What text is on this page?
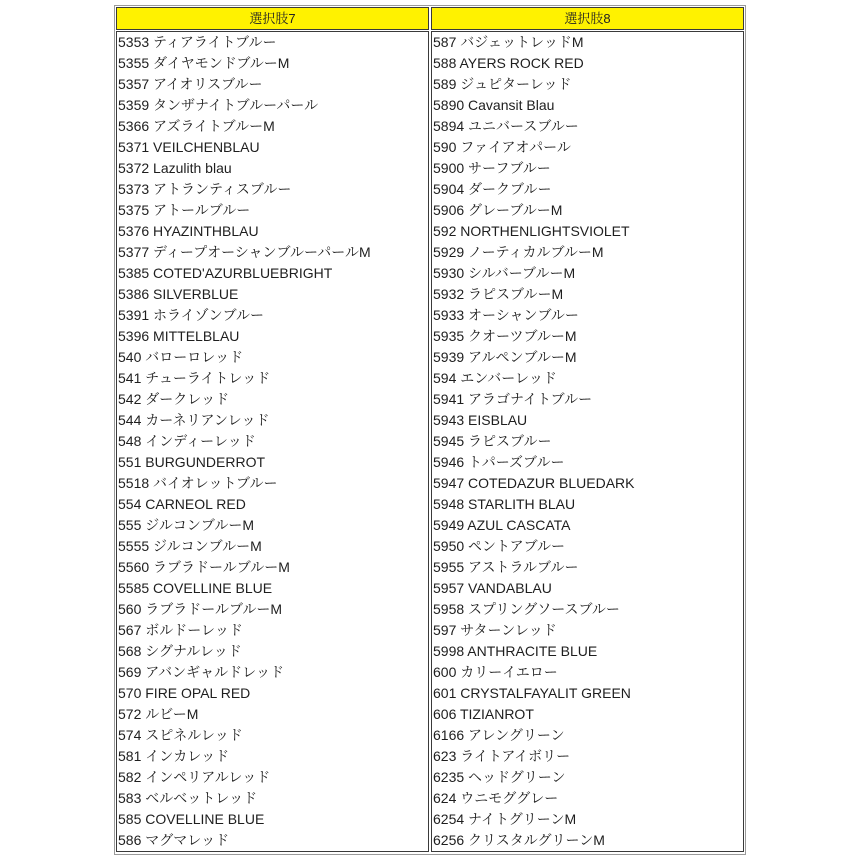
選択肢7	選択肢8
5353 ティアライトブルー
5355 ダイヤモンドブルーM
5357 アイオリスブルー
5359 タンザナイトブルーパール
5366 アズライトブルーM
5371 VEILCHENBLAU
5372 Lazulith blau
5373 アトランティスブルー
5375 アトールブルー
5376 HYAZINTHBLAU
5377 ディープオーシャンブルーパールM
5385 COTED'AZURBLUEBRIGHT
5386 SILVERBLUE
5391 ホライゾンブルー
5396 MITTELBLAU
540 バローロレッド
541 チューライトレッド
542 ダークレッド
544 カーネリアンレッド
548 インディーレッド
551 BURGUNDERROT
5518 バイオレットブルー
554 CARNEOL RED
555 ジルコンブルーM
5555 ジルコンブルーM
5560 ラブラドールブルーM
5585 COVELLINE BLUE
560 ラブラドールブルーM
567 ボルドーレッド
568 シグナルレッド
569 アバンギャルドレッド
570 FIRE OPAL RED
572 ルビーM
574 スピネルレッド
581 インカレッド
582 インペリアルレッド
583 ベルベットレッド
585 COVELLINE BLUE
586 マグマレッド
587 バジェットレッドM
588 AYERS ROCK RED
589 ジュピターレッド
5890 Cavansit Blau
5894 ユニバースブルー
590 ファイアオパール
5900 サーフブルー
5904 ダークブルー
5906 グレーブルーM
592 NORTHENLIGHTSVIOLET
5929 ノーティカルブルーM
5930 シルバーブルーM
5932 ラピスブルーM
5933 オーシャンブルー
5935 クオーツブルーM
5939 アルペンブルーM
594 エンバーレッド
5941 アラゴナイトブルー
5943 EISBLAU
5945 ラピスブルー
5946 トパーズブルー
5947 COTEDAZUR BLUEDARK
5948 STARLITH BLAU
5949 AZUL CASCATA
5950 ペントアブルー
5955 アストラルブルー
5957 VANDABLAU
5958 スプリングソースブルー
597 サターンレッド
5998 ANTHRACITE BLUE
600 カリーイエロー
601 CRYSTALFAYALIT GREEN
606 TIZIANROT
6166 アレングリーン
623 ライトアイボリー
6235 ヘッドグリーン
624 ウニモググレー
6254 ナイトグリーンM
6256 クリスタルグリーンM
